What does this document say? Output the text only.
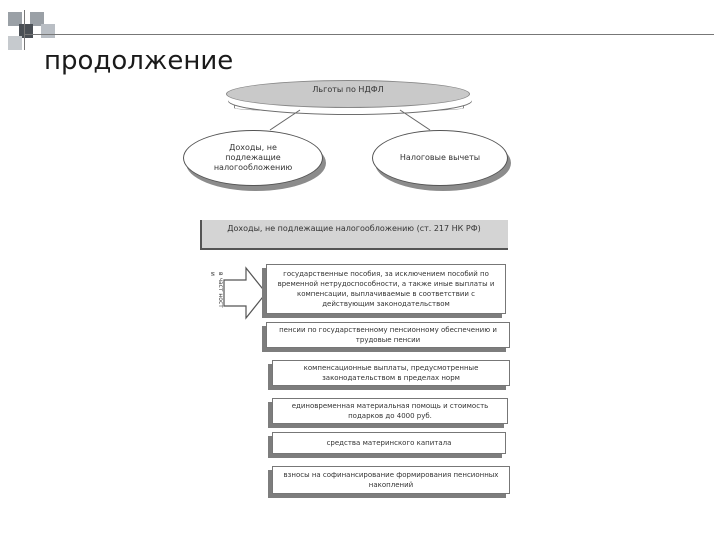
продолжение
Льготы по НДФЛ
Доходы, не подлежащие налогообложению
Налоговые вычеты
Доходы, не подлежащие налогообложению (ст. 217 НК РФ)
в част ност и	государственные пособия, за исключением пособий по временной нетрудоспособности, а также иные выплаты и компенсации, выплачиваемые в соответствии с действующим законодательством
пенсии по государственному пенсионному обеспечению и трудовые пенсии
компенсационные выплаты, предусмотренные законодательством в пределах норм
единовременная материальная помощь и стоимость подарков до 4000 руб.
средства материнского капитала
взносы на софинансирование формирования пенсионных накоплений
